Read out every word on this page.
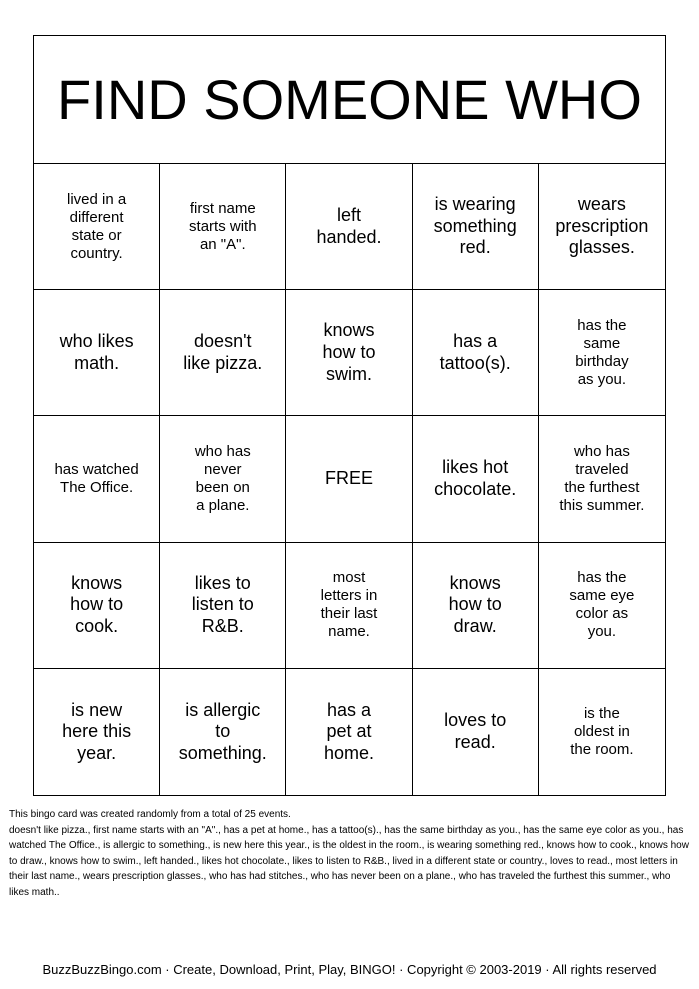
FIND SOMEONE WHO
lived in a
different
state or
country.
first name
starts with
an "A".
left
handed.
is wearing
something
red.
wears
prescription
glasses.
who likes
math.
doesn't
like pizza.
knows
how to
swim.
has a
tattoo(s).
has the
same
birthday
as you.
has watched
The Office.
who has
never
been on
a plane.
FREE
likes hot
chocolate.
who has
traveled
the furthest
this summer.
knows
how to
cook.
likes to
listen to
R&B.
most
letters in
their last
name.
knows
how to
draw.
has the
same eye
color as
you.
is new
here this
year.
is allergic
to
something.
has a
pet at
home.
loves to
read.
is the
oldest in
the room.
This bingo card was created randomly from a total of 25 events.
doesn't like pizza., first name starts with an "A"., has a pet at home., has a tattoo(s)., has the same birthday as you., has the same eye color as you., has watched The Office., is allergic to something., is new here this year., is the oldest in the room., is wearing something red., knows how to cook., knows how to draw., knows how to swim., left handed., likes hot chocolate., likes to listen to R&B., lived in a different state or country., loves to read., most letters in their last name., wears prescription glasses., who has had stitches., who has never been on a plane., who has traveled the furthest this summer., who likes math..
BuzzBuzzBingo.com · Create, Download, Print, Play, BINGO! · Copyright © 2003-2019 · All rights reserved
